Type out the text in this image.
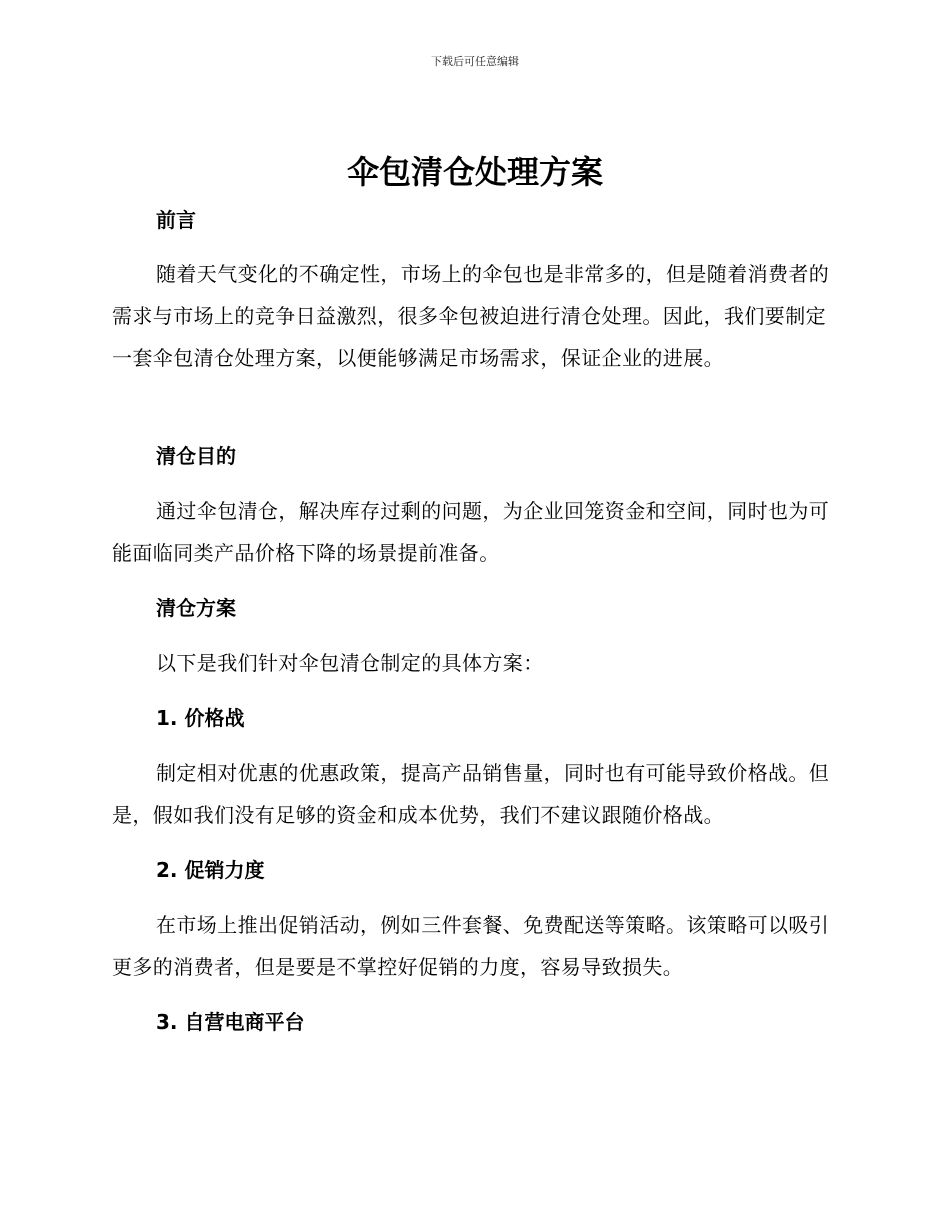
下载后可任意编辑
伞包清仓处理方案
前言

随着天气变化的不确定性，市场上的伞包也是非常多的，但是随着消费者的需求与市场上的竞争日益激烈，很多伞包被迫进行清仓处理。因此，我们要制定一套伞包清仓处理方案，以便能够满足市场需求，保证企业的进展。

清仓目的

通过伞包清仓，解决库存过剩的问题，为企业回笼资金和空间，同时也为可能面临同类产品价格下降的场景提前准备。

清仓方案

以下是我们针对伞包清仓制定的具体方案：

1. 价格战

制定相对优惠的优惠政策，提高产品销售量，同时也有可能导致价格战。但是，假如我们没有足够的资金和成本优势，我们不建议跟随价格战。

2. 促销力度

在市场上推出促销活动，例如三件套餐、免费配送等策略。该策略可以吸引更多的消费者，但是要是不掌控好促销的力度，容易导致损失。

3. 自营电商平台
